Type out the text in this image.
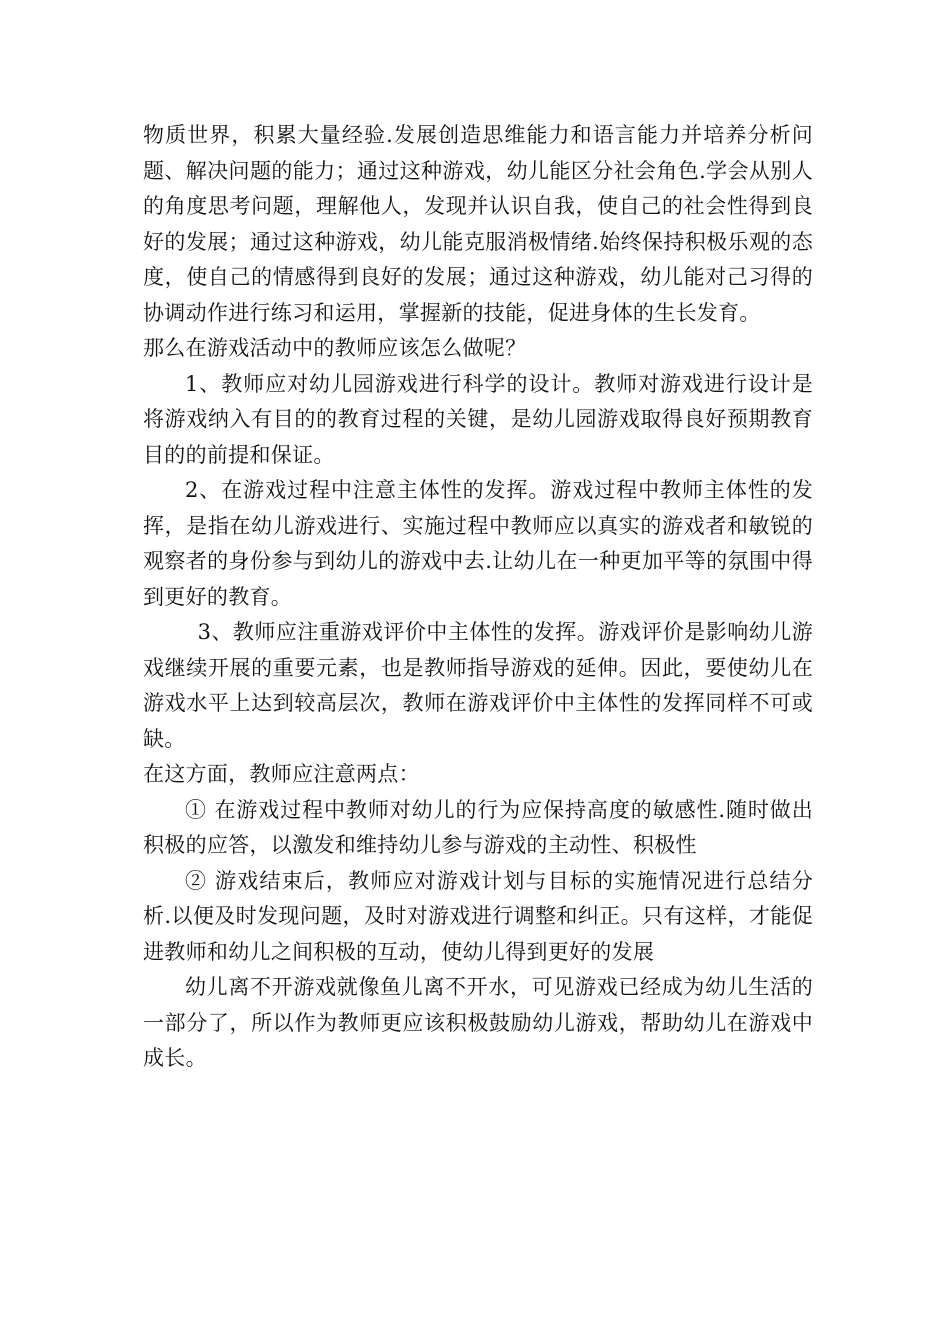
物质世界，积累大量经验.发展创造思维能力和语言能力并培养分析问题、解决问题的能力；通过这种游戏，幼儿能区分社会角色.学会从别人的角度思考问题，理解他人，发现并认识自我，使自己的社会性得到良好的发展；通过这种游戏，幼儿能克服消极情绪.始终保持积极乐观的态度，使自己的情感得到良好的发展；通过这种游戏，幼儿能对己习得的协调动作进行练习和运用，掌握新的技能，促进身体的生长发育。

那么在游戏活动中的教师应该怎么做呢？

1、教师应对幼儿园游戏进行科学的设计。教师对游戏进行设计是将游戏纳入有目的的教育过程的关键，是幼儿园游戏取得良好预期教育目的的前提和保证。

2、在游戏过程中注意主体性的发挥。游戏过程中教师主体性的发挥，是指在幼儿游戏进行、实施过程中教师应以真实的游戏者和敏锐的观察者的身份参与到幼儿的游戏中去.让幼儿在一种更加平等的氛围中得到更好的教育。

3、教师应注重游戏评价中主体性的发挥。游戏评价是影响幼儿游戏继续开展的重要元素，也是教师指导游戏的延伸。因此，要使幼儿在游戏水平上达到较高层次，教师在游戏评价中主体性的发挥同样不可或缺。

在这方面，教师应注意两点：

① 在游戏过程中教师对幼儿的行为应保持高度的敏感性.随时做出积极的应答，以激发和维持幼儿参与游戏的主动性、积极性

② 游戏结束后，教师应对游戏计划与目标的实施情况进行总结分析.以便及时发现问题，及时对游戏进行调整和纠正。只有这样，才能促进教师和幼儿之间积极的互动，使幼儿得到更好的发展

幼儿离不开游戏就像鱼儿离不开水，可见游戏已经成为幼儿生活的一部分了，所以作为教师更应该积极鼓励幼儿游戏，帮助幼儿在游戏中成长。
